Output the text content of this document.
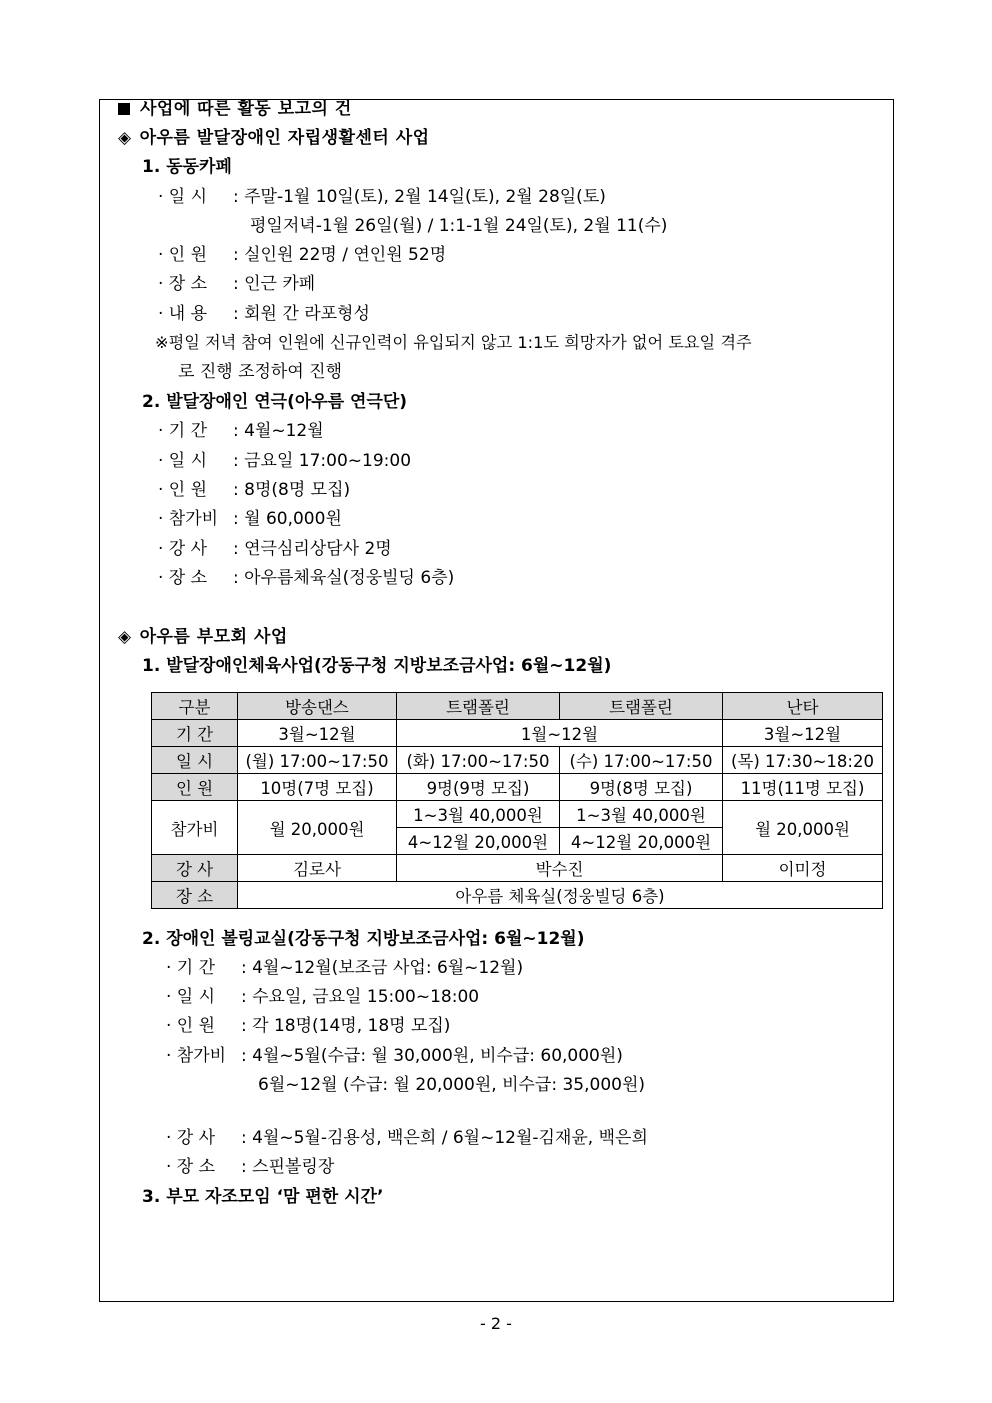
사업에 따른 활동 보고의 건
◈ 아우름 발달장애인 자립생활센터 사업
1. 동동카페
· 일 시 : 주말-1월 10일(토), 2월 14일(토), 2월 28일(토)
평일저녁-1월 26일(월) / 1:1-1월 24일(토), 2월 11(수)
· 인 원 : 실인원 22명 / 연인원 52명
· 장 소 : 인근 카페
· 내 용 : 회원 간 라포형성
※평일 저녁 참여 인원에 신규인력이 유입되지 않고 1:1도 희망자가 없어 토요일 격주
로 진행 조정하여 진행
2. 발달장애인 연극(아우름 연극단)
· 기 간 : 4월~12월
· 일 시 : 금요일 17:00~19:00
· 인 원 : 8명(8명 모집)
· 참가비 : 월 60,000원
· 강 사 : 연극심리상담사 2명
· 장 소 : 아우름체육실(정웅빌딩 6층)
◈ 아우름 부모회 사업
1. 발달장애인체육사업(강동구청 지방보조금사업: 6월~12월)
구분	방송댄스	트램폴린	트램폴린	난타
기 간	3월~12월	1월~12월		3월~12월
일 시	(월) 17:00~17:50	(화) 17:00~17:50	(수) 17:00~17:50	(목) 17:30~18:20
인 원	10명(7명 모집)	9명(9명 모집)	9명(8명 모집)	11명(11명 모집)
참가비	월 20,000원	1~3월 40,000원	1~3월 40,000원	월 20,000원
		4~12월 20,000원	4~12월 20,000원	
강 사	김로사	박수진		이미정
장 소	아우름 체육실(정웅빌딩 6층)			
2. 장애인 볼링교실(강동구청 지방보조금사업: 6월~12월)
· 기 간 : 4월~12월(보조금 사업: 6월~12월)
· 일 시 : 수요일, 금요일 15:00~18:00
· 인 원 : 각 18명(14명, 18명 모집)
· 참가비 : 4월~5월(수급: 월 30,000원, 비수급: 60,000원)
6월~12월 (수급: 월 20,000원, 비수급: 35,000원)
· 강 사 : 4월~5월-김용성, 백은희 / 6월~12월-김재윤, 백은희
· 장 소 : 스핀볼링장
3. 부모 자조모임 ‘맘 편한 시간’
- 2 -
